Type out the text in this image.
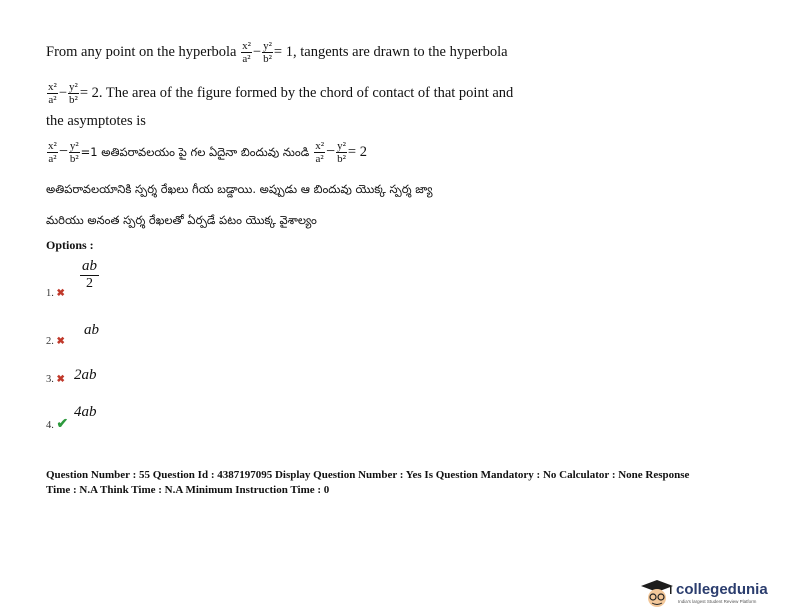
From any point on the hyperbola $\frac{\text{x²}}{\text{a²}} - \frac{\text{y²}}{\text{b²}} = 1$, tangents are drawn to the hyperbola
$\frac{\text{x²}}{\text{a²}} - \frac{\text{y²}}{\text{b²}} = 2$. The area of the figure formed by the chord of contact of that point and
the asymptotes is
$\frac{\text{x²}}{\text{a²}} - \frac{\text{y²}}{\text{b²}} =1$ అతిపరావలయం పై గల ఏదైనా బిందువు నుండి $\frac{\text{x²}}{\text{a²}} - \frac{\text{y²}}{\text{b²}} = 2$
అతిపరావలయానికి స్పర్శ రేఖలు గీయ బడ్డాయి. అప్పుడు ఆ బిందువు యొక్క స్పర్శ జ్యా
మరియు అనంత స్పర్శ రేఖలతో ఏర్పడే పటం యొక్క వైశాల్యం
Options :
1. ✖
ab
2
2. ✖
ab
3. ✖ 2ab
4. ✔
4ab
Question Number : 55 Question Id : 4387197095 Display Question Number : Yes Is Question Mandatory : No Calculator : None Response
Time : N.A Think Time : N.A Minimum Instruction Time : 0
collegedunia
India's largest Student Review Platform
